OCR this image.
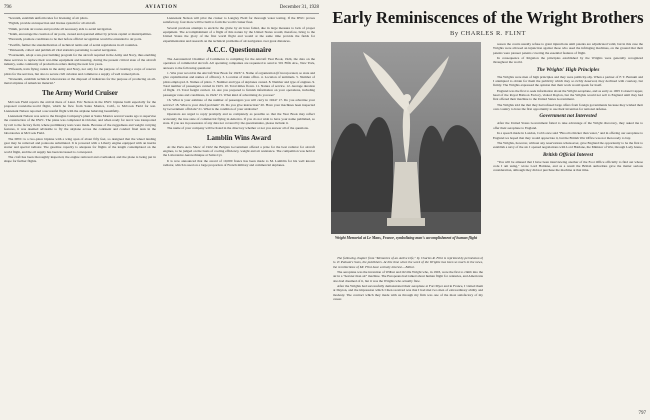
796	AVIATION	December 31, 1928

"Seventh, establish uniform rules for licensing of air pilots.

"Eighth, provide an inspection and license system for all aircraft.

"Ninth, provide air routes and provide all necessary aids to aerial navigation.

"Tenth, encourage the creation of air ports, owned and operated either by private capital or municipalities.

"Eleventh, promote conditions to be met before official recognition would be extended to air ports.

"Twelfth, further the standardization of technical terms and of aerial regulations in all countries.

"Thirteenth, collect and publish all vital statistics pertaining to aerial navigation.

"Fourteenth, adopt a ten-year building program for the aircraft required in the Army and Navy, thus enabling these services to replace their war-time equipment and insuring, during the present critical state of the aircraft industry, some continuity of production orders during the next few years.

"Fifteenth, train flying cadets in the Army and Navy, not only for the purpose of creating a corps of reserve pilots for the services, but also to secure civil aviation and commerce a supply of well trained pilots.

"Sixteenth, establish technical laboratories at the disposal of industries for the purpose of producing an all-metal airplane of American material."

The Army World Cruiser

McCook Field reports the arrival there of Lieut. Eric Nelson in the DWC biplane built especially for the proposed round-the-world flight, which he flew from Santa Monica, Calif., to McCook Field for test. Lieutenant Nelson reported a successful flight with the airplane behaving beautifully.

Lieutenant Nelson was sent to the Douglas Company's plant at Santa Monica several weeks ago to supervise the construction of the DWC. The plane was completed in October, and when ready for test it was transported by rail to the factory field, where preliminary tests were made. Because of the ruggedness and weight carrying features, it was deemed advisable to fly the airplane across the continent and conduct final tests in the laboratories at McCook Field.

The DWC is a two-place biplane with a wing span of about fifty feet, so designed that the wheel landing gear may be removed and pontoons substituted. It is powered with a Liberty engine equipped with an inertia starter and special radiator. The gasoline capacity is adequate for flights of the length contemplated on the world flight, and the oil supply has been increased to correspond.

The craft has been thoroughly inspected, the engine removed and overhauled, and the plane is being put in shape for further flights.

Lieutenant Nelson will pilot the cruiser to Langley Field for thorough water testing. If the DWC proves satisfactory, four more will be built to form the world cruiser fleet.

Several previous attempts to encircle the globe by air have failed, due in large measure to lack of proper equipment. The accomplishment of a flight of this nature by the United States would, therefore, bring to the United States the glory of the first world flight and would at the same time provide the fields for experimentation and research on the technical problems of air navigation over great distances.

A.C.C. Questionnaire

The Aeronautical Chamber of Commerce is compiling for the Aircraft Year Book, 1924, the data on the operation of commercial aircraft. All operating companies are requested to send to 501 Fifth Ave., New York, answers to the following questions:

1. Was your record in the Aircraft Year Book for 1923? 2. Name of organization (if incorporated, so state and give capitalization and names of officers). 3. Location of main office. 4. Location of terminals. 5. Number of pilots employed. 6. Names of pilots. 7. Number and type of airplanes owned. 8. Number and type of engines. 9. Total number of passengers carried in 1923. 10. Total miles flown. 11. Nature of service. 12. Average duration of flight. 13. Total freight carried. 14. Are you prepared to furnish information on your operations, including passenger rates and conditions, in 1924? 15. What kind of advertising do you use?

16. What is your estimate of the number of passengers you will carry in 1924? 17. Do you advertise your service? 18. What is your chief problem? 19. Do you give instruction? 20. Have your machines been inspected by Government officials? 21. What is the condition of your airdrome?

Operators are urged to reply promptly and as completely as possible so that the Year Book may reflect accurately the true state of commercial flying in America. If you do not wish to have your name published, so state. If you are in possession of any data not covered by the questionnaire, please include it.

The name of your company will be listed in the directory whether or not you answer all of the questions.

Lamblin Wins Award

At the Paris Aero Show of 1922 the Belgian Government offered a prize for the best radiator for aircraft engines, to be judged on the basis of cooling efficiency, weight and air resistance. The competition was held at the Laboratoire Aerotechnique at Saint-Cyr.

It is now announced that the award of 10,000 francs has been made to M. Lamblin for his well known radiator, which is used on a large proportion of French military and commercial airplanes.

Early Reminiscences of the Wright Brothers
By CHARLES R. FLINT
Wright Memorial at Le Mans, France, symbolizing man's accomplishment of human flight

The following chapter from "Memories of an Active Life," by Charles R. Flint is reprinted by permission of G. P. Putnam's Sons, the publishers. At this time when the work of the Wrights has been so much in the news, the recollections of Mr. Flint have a timely interest.—Editor.

The aeroplane was the invention of Wilbur and Orville Wright who, in 1903, were the first to climb into the air in a "heavier than air" machine. The Europeans had talked about human flight for centuries, and Americans also had dreamed of it, but it was the Wrights who actually flew.

After the Wrights had successfully demonstrated their aeroplane at Fort Myer and in France, I visited them at Dayton, and the impression which I then received was that I had met two men of extraordinary ability and modesty. The contract which they made with us through my firm was one of the most satisfactory of my career.

reason the courts usually refuse to grant injunctions until patents are adjudicated valid, but in this case the Wrights were allowed an injunction against those who used the infringing machines, on the ground that their patents were pioneer patents covering the essential features of flight.

In consequence of litigation the principles established by the Wrights were generally recognized throughout the world.

The Wrights' High Principles

The Wrights were men of high principles and they were publicity-shy. When a partner of F. T. Barnum and I attempted to obtain for them the publicity which they so richly deserved, they declined with courtesy, but firmly. The Wrights expressed the opinion that their work would speak for itself.

England was the first to seek information about the Wright aeroplane, and as early as 1905 Colonel Capper, head of the Royal Balloon Factory, visited Dayton, but the Wrights would not sell to England until they had first offered their machine to the United States Government.

The Wrights told me that they had refused large offers from foreign governments because they wished their own country to have the first opportunity to use their invention for national defense.

Government not Interested

After the United States Government failed to take advantage of the Wright discovery, they asked me to offer their aeroplane to England.

In a speech made in London, Cobb once said "Blood is thicker than water," and in offering our aeroplane to England we hoped that they would appreciate it, but the British War Office was not then ready to buy.

The Wrights, however, without any reservations whatsoever, gave England the opportunity to be the first to establish a navy of the air. I opened negotiations with Lord Haldane, the Minister of War, through Lady Jeune.

British Official Interest

"You will be amused that I have been interviewing another of the Foot Office officially to find out whose code I am using," wrote Lord Haldane, and as a result the British authorities gave the matter serious consideration, although they did not purchase the machine at that time.

797
